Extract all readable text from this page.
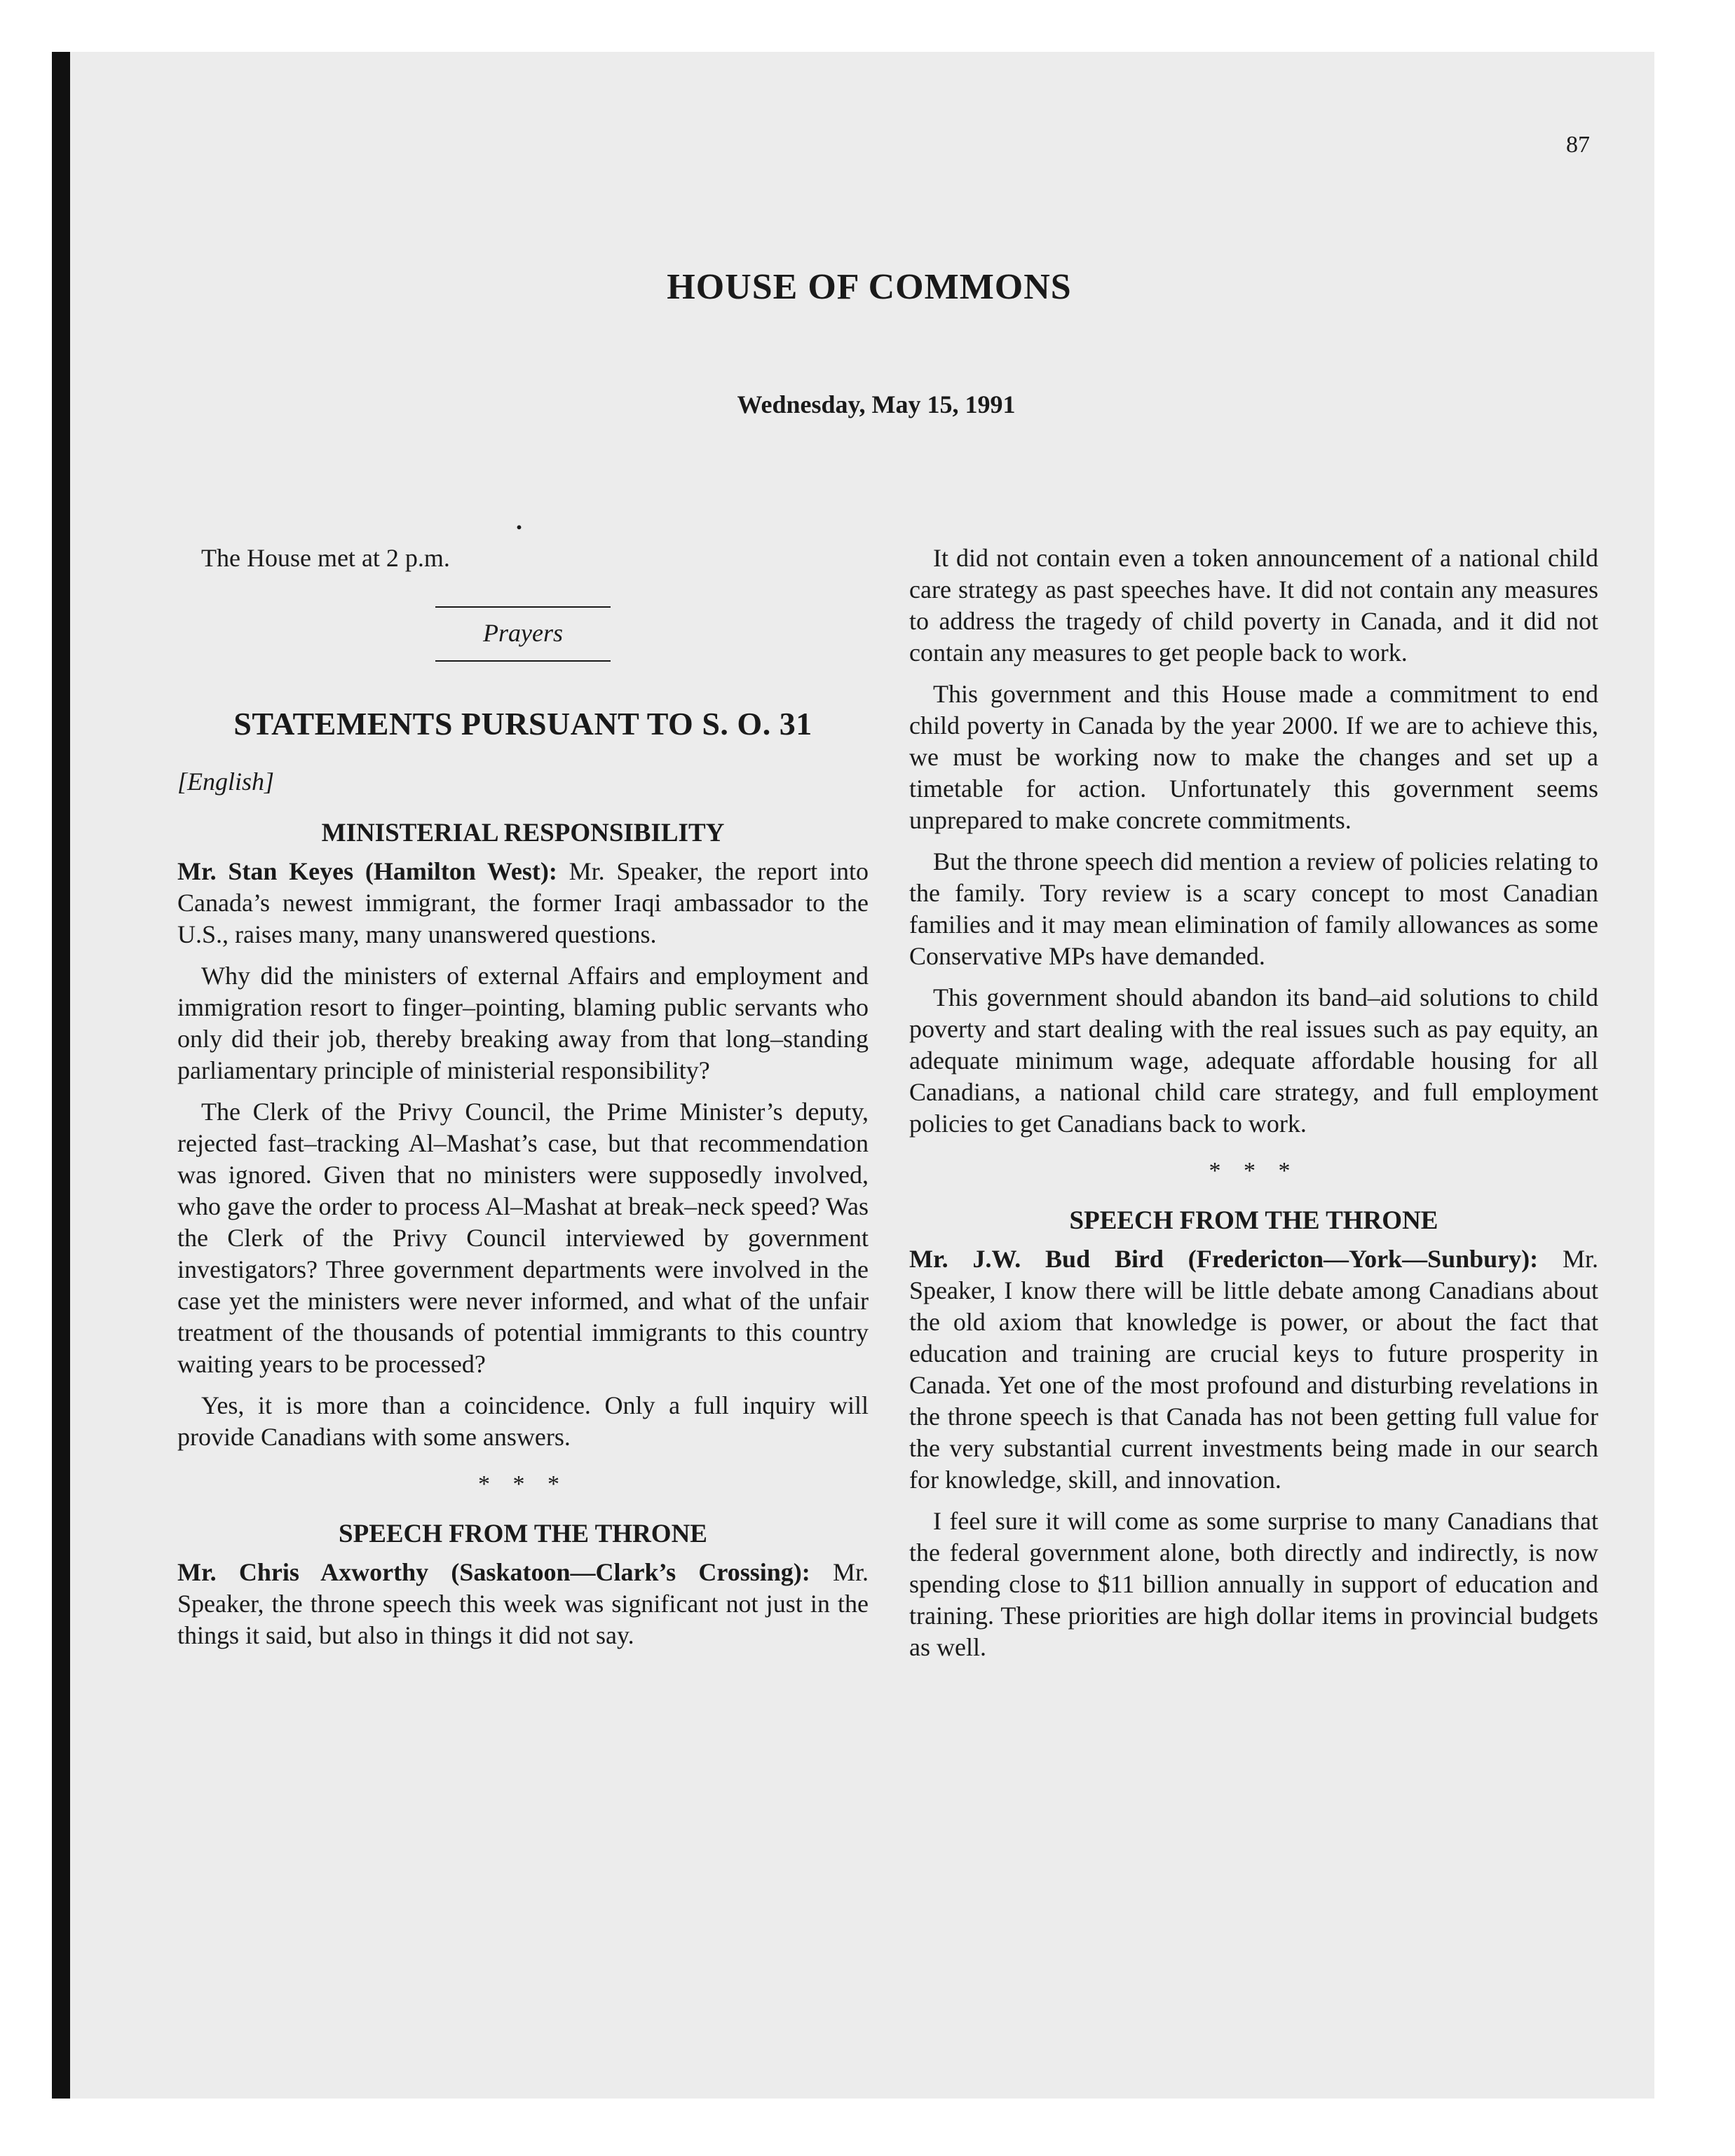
87
HOUSE OF COMMONS
Wednesday, May 15, 1991
.

The House met at 2 p.m.

Prayers
STATEMENTS PURSUANT TO S. O. 31
[English]
MINISTERIAL RESPONSIBILITY

Mr. Stan Keyes (Hamilton West): Mr. Speaker, the report into Canada’s newest immigrant, the former Iraqi ambassador to the U.S., raises many, many unanswered questions.

Why did the ministers of external Affairs and employment and immigration resort to finger–pointing, blaming public servants who only did their job, thereby breaking away from that long–standing parliamentary principle of ministerial responsibility?

The Clerk of the Privy Council, the Prime Minister’s deputy, rejected fast–tracking Al–Mashat’s case, but that recommendation was ignored. Given that no ministers were supposedly involved, who gave the order to process Al–Mashat at break–neck speed? Was the Clerk of the Privy Council interviewed by government investigators? Three government departments were involved in the case yet the ministers were never informed, and what of the unfair treatment of the thousands of potential immigrants to this country waiting years to be processed?

Yes, it is more than a coincidence. Only a full inquiry will provide Canadians with some answers.

* * *
SPEECH FROM THE THRONE

Mr. Chris Axworthy (Saskatoon—Clark’s Crossing): Mr. Speaker, the throne speech this week was significant not just in the things it said, but also in things it did not say.

It did not contain even a token announcement of a national child care strategy as past speeches have. It did not contain any measures to address the tragedy of child poverty in Canada, and it did not contain any measures to get people back to work.

This government and this House made a commitment to end child poverty in Canada by the year 2000. If we are to achieve this, we must be working now to make the changes and set up a timetable for action. Unfortunately this government seems unprepared to make concrete commitments.

But the throne speech did mention a review of policies relating to the family. Tory review is a scary concept to most Canadian families and it may mean elimination of family allowances as some Conservative MPs have demanded.

This government should abandon its band–aid solutions to child poverty and start dealing with the real issues such as pay equity, an adequate minimum wage, adequate affordable housing for all Canadians, a national child care strategy, and full employment policies to get Canadians back to work.

* * *
SPEECH FROM THE THRONE

Mr. J.W. Bud Bird (Fredericton—York—Sunbury): Mr. Speaker, I know there will be little debate among Canadians about the old axiom that knowledge is power, or about the fact that education and training are crucial keys to future prosperity in Canada. Yet one of the most profound and disturbing revelations in the throne speech is that Canada has not been getting full value for the very substantial current investments being made in our search for knowledge, skill, and innovation.

I feel sure it will come as some surprise to many Canadians that the federal government alone, both directly and indirectly, is now spending close to $11 billion annually in support of education and training. These priorities are high dollar items in provincial budgets as well.
